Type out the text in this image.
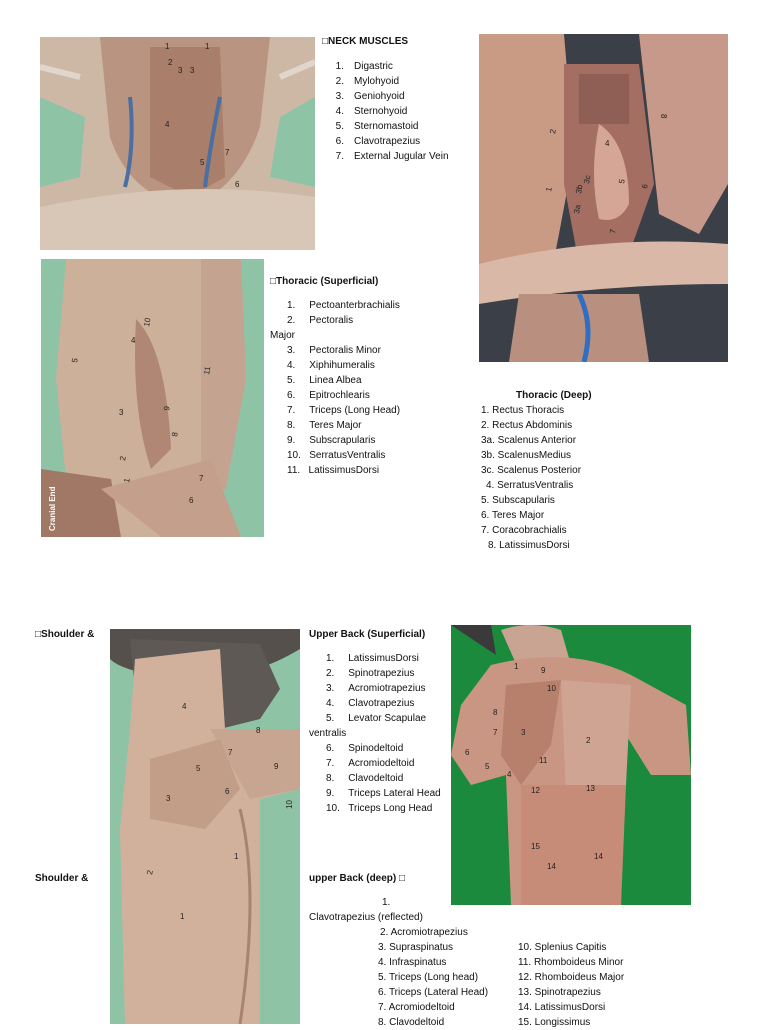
1	1
2
3 3
4
5
6
7
□NECK MUSCLES
1. Digastric
2. Mylohyoid
3. Geniohyoid
4. Sternohyoid
5. Sternomastoid
6. Clavotrapezius
7. External Jugular Vein
8
2
4
1	3b
3a
5
6
7
3c
10
4
5
11
3	9
8
2
1	7
6
Cranial End
□Thoracic (Superficial)
1. Pectoanterbrachialis
2. Pectoralis
Major
3. Pectoralis Minor
4. Xiphihumeralis
5. Linea Albea
6. Epitrochlearis
7. Triceps (Long Head)
8. Teres Major
9. Subscrapularis
10. SerratusVentralis
11. LatissimusDorsi
Thoracic (Deep)
1. Rectus Thoracis
2. Rectus Abdominis
3a. Scalenus Anterior
3b. ScalenusMedius
3c. Scalenus Posterior
4. SerratusVentralis
5. Subscapularis
6. Teres Major
7. Coracobrachialis
8. LatissimusDorsi
□Shoulder &
Shoulder &
4
8
7
9
5
6
3
10
1
2
1
Upper Back (Superficial)
1. LatissimusDorsi
2. Spinotrapezius
3. Acromiotrapezius
4. Clavotrapezius
5. Levator Scapulae
ventralis
6. Spinodeltoid
7. Acromiodeltoid
8. Clavodeltoid
9. Triceps Lateral Head
10. Triceps Long Head
1	9
10
8
7	3
2
6
5
4
11
12	13
15
14
14
upper Back (deep) □
1.
Clavotrapezius (reflected)
2. Acromiotrapezius
3. Supraspinatus
4. Infraspinatus
5. Triceps (Long head)
6. Triceps (Lateral Head)
7. Acromiodeltoid
8. Clavodeltoid
10. Splenius Capitis
11. Rhomboideus Minor
12. Rhomboideus Major
13. Spinotrapezius
14. LatissimusDorsi
15. Longissimus
